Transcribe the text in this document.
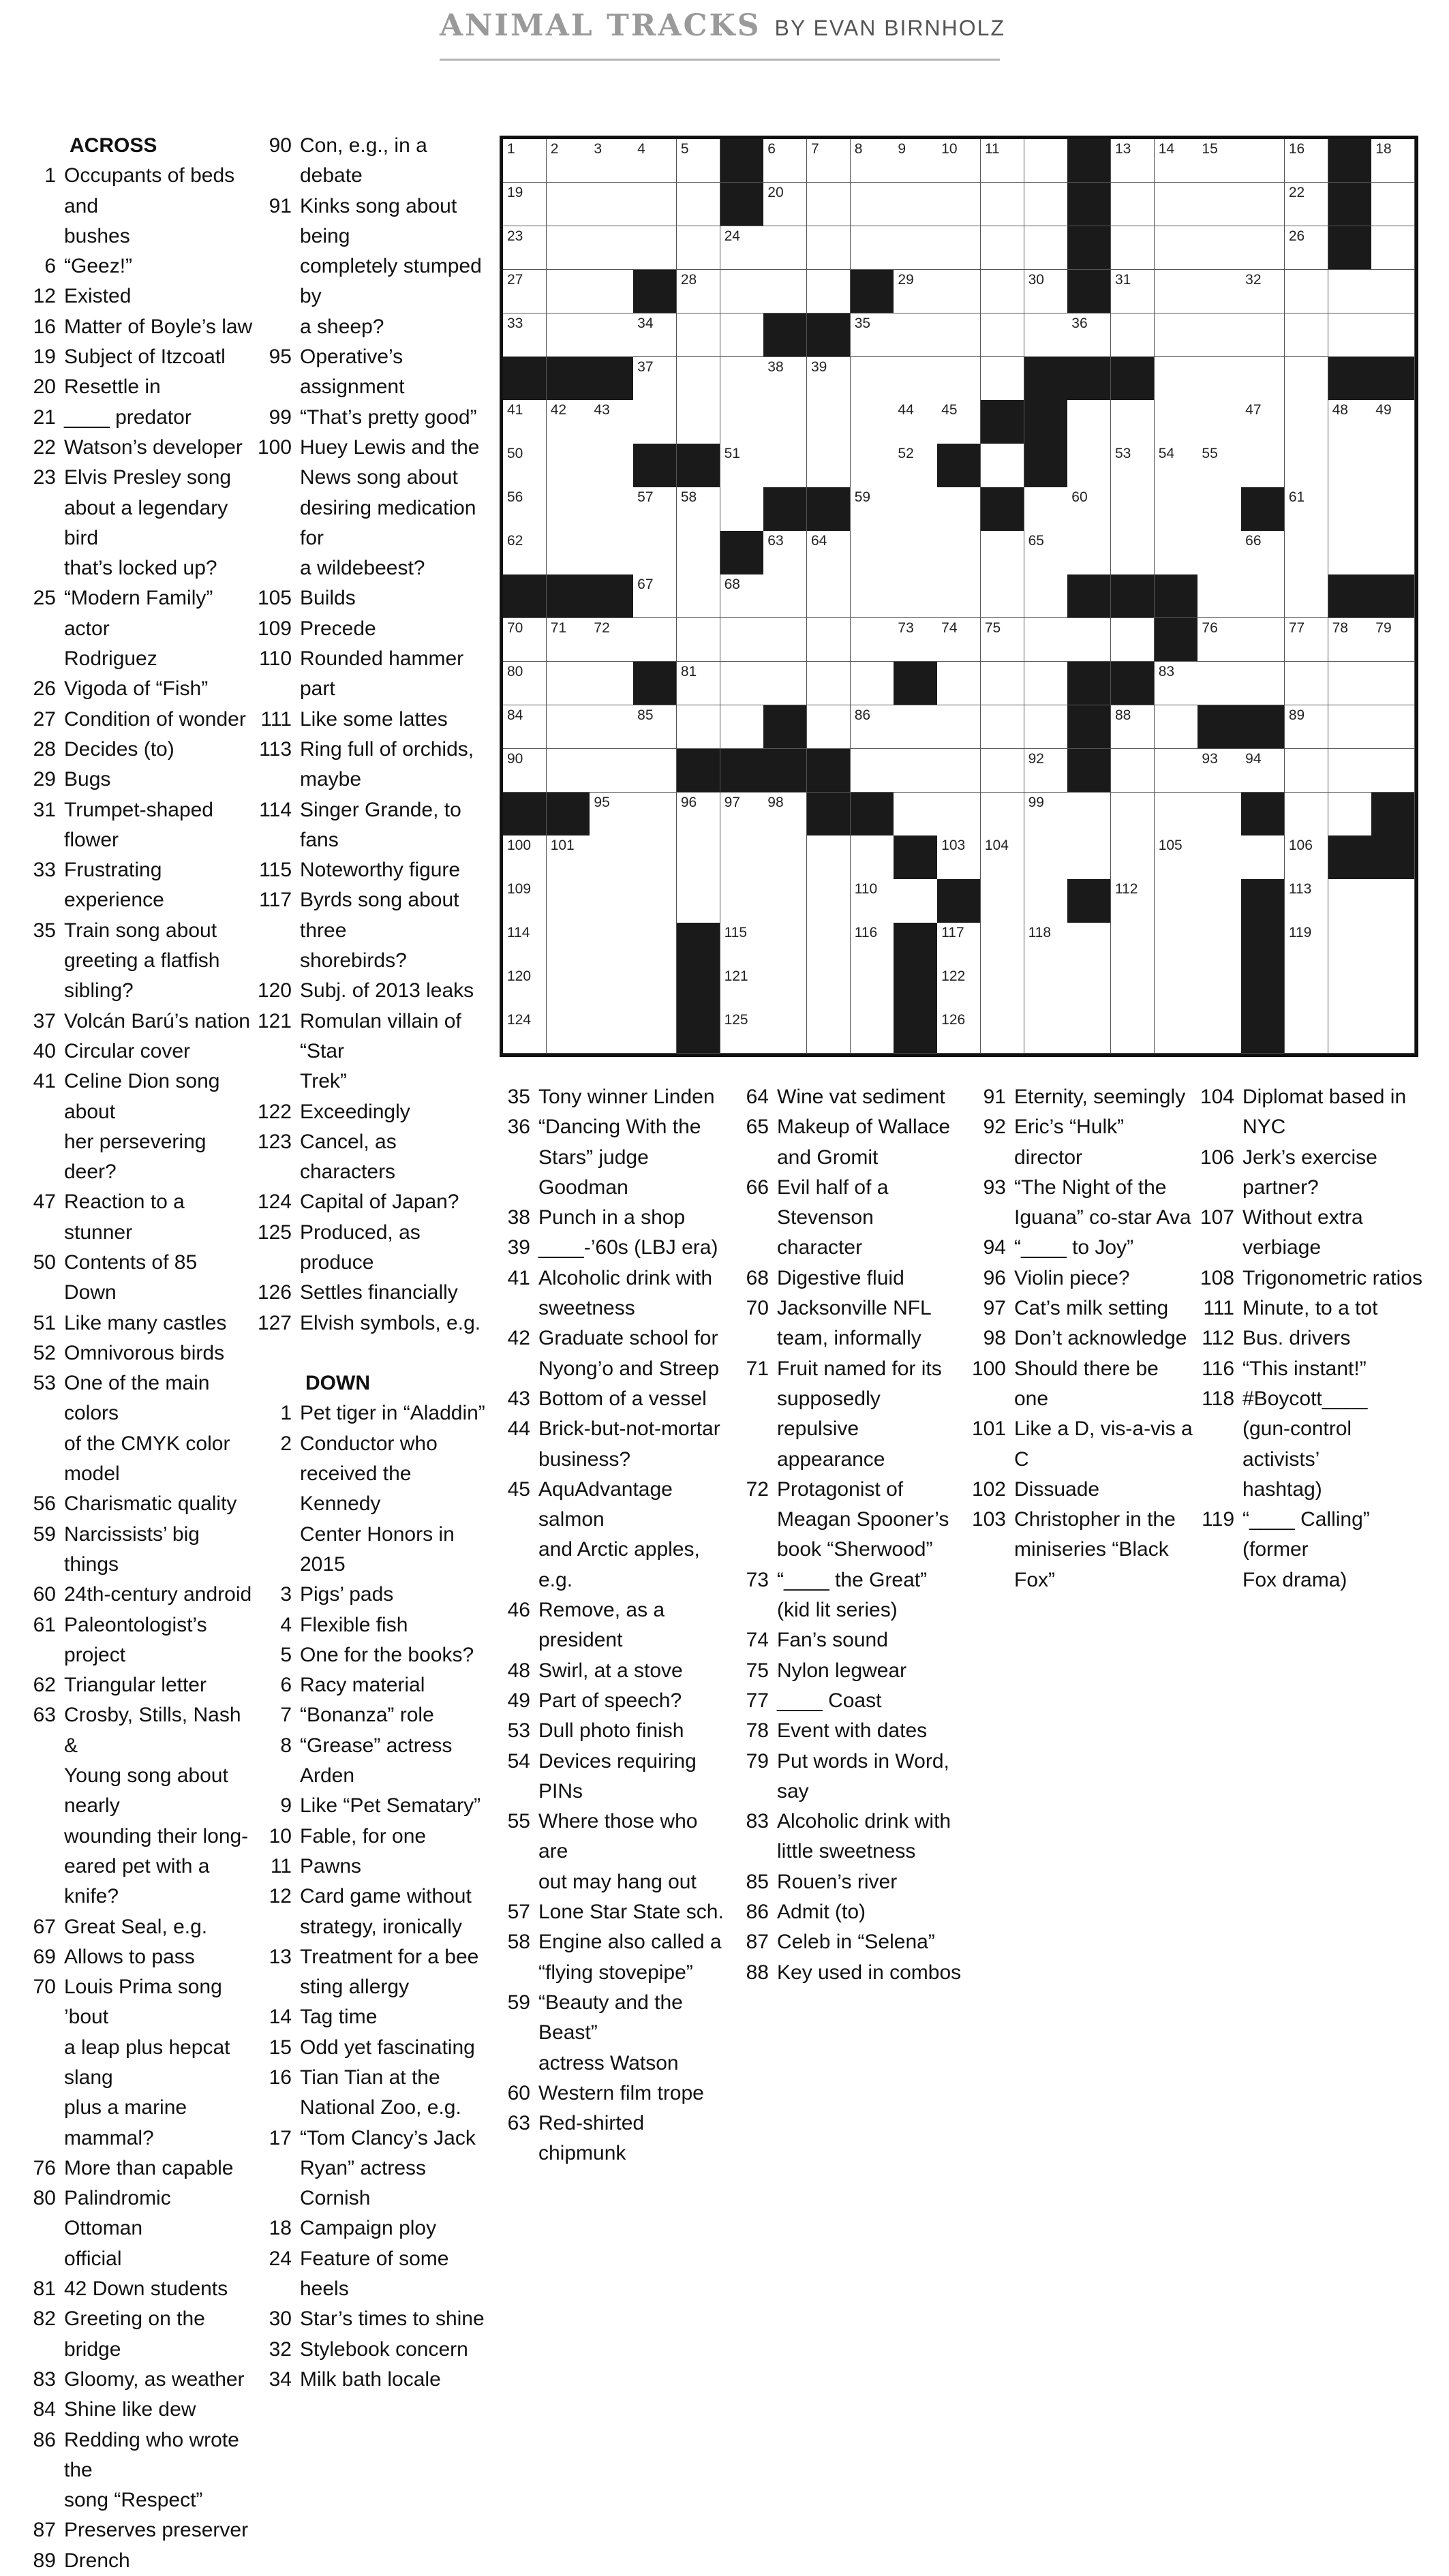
ANIMAL TRACKS BY EVAN BIRNHOLZ
ACROSS
1 Occupants of beds and
bushes
6 “Geez!”
12 Existed
16 Matter of Boyle’s law
19 Subject of Itzcoatl
20 Resettle in
21 ____ predator
22 Watson’s developer
23 Elvis Presley song
about a legendary bird
that’s locked up?
25 “Modern Family” actor
Rodriguez
26 Vigoda of “Fish”
27 Condition of wonder
28 Decides (to)
29 Bugs
31 Trumpet-shaped flower
33 Frustrating experience
35 Train song about
greeting a flatfish
sibling?
37 Volcán Barú’s nation
40 Circular cover
41 Celine Dion song about
her persevering deer?
47 Reaction to a stunner
50 Contents of 85 Down
51 Like many castles
52 Omnivorous birds
53 One of the main colors
of the CMYK color model
56 Charismatic quality
59 Narcissists’ big things
60 24th-century android
61 Paleontologist’s project
62 Triangular letter
63 Crosby, Stills, Nash &
Young song about nearly
wounding their long-
eared pet with a knife?
67 Great Seal, e.g.
69 Allows to pass
70 Louis Prima song ’bout
a leap plus hepcat slang
plus a marine mammal?
76 More than capable
80 Palindromic Ottoman
official
81 42 Down students
82 Greeting on the bridge
83 Gloomy, as weather
84 Shine like dew
86 Redding who wrote the
song “Respect”
87 Preserves preserver
89 Drench
90 Con, e.g., in a debate
91 Kinks song about being
completely stumped by
a sheep?
95 Operative’s assignment
99 “That’s pretty good”
100 Huey Lewis and the
News song about
desiring medication for
a wildebeest?
105 Builds
109 Precede
110 Rounded hammer part
111 Like some lattes
113 Ring full of orchids,
maybe
114 Singer Grande, to fans
115 Noteworthy figure
117 Byrds song about three
shorebirds?
120 Subj. of 2013 leaks
121 Romulan villain of “Star
Trek”
122 Exceedingly
123 Cancel, as characters
124 Capital of Japan?
125 Produced, as produce
126 Settles financially
127 Elvish symbols, e.g.

DOWN
1 Pet tiger in “Aladdin”
2 Conductor who
received the Kennedy
Center Honors in 2015
3 Pigs’ pads
4 Flexible fish
5 One for the books?
6 Racy material
7 “Bonanza” role
8 “Grease” actress Arden
9 Like “Pet Sematary”
10 Fable, for one
11 Pawns
12 Card game without
strategy, ironically
13 Treatment for a bee
sting allergy
14 Tag time
15 Odd yet fascinating
16 Tian Tian at the
National Zoo, e.g.
17 “Tom Clancy’s Jack
Ryan” actress Cornish
18 Campaign ploy
24 Feature of some heels
30 Star’s times to shine
32 Stylebook concern
34 Milk bath locale
35 Tony winner Linden
36 “Dancing With the
Stars” judge Goodman
38 Punch in a shop
39 ____-’60s (LBJ era)
41 Alcoholic drink with
sweetness
42 Graduate school for
Nyong’o and Streep
43 Bottom of a vessel
44 Brick-but-not-mortar
business?
45 AquAdvantage salmon
and Arctic apples, e.g.
46 Remove, as a president
48 Swirl, at a stove
49 Part of speech?
53 Dull photo finish
54 Devices requiring PINs
55 Where those who are
out may hang out
57 Lone Star State sch.
58 Engine also called a
“flying stovepipe”
59 “Beauty and the Beast”
actress Watson
60 Western film trope
63 Red-shirted chipmunk
64 Wine vat sediment
65 Makeup of Wallace
and Gromit
66 Evil half of a Stevenson
character
68 Digestive fluid
70 Jacksonville NFL
team, informally
71 Fruit named for its
supposedly repulsive
appearance
72 Protagonist of
Meagan Spooner’s
book “Sherwood”
73 “____ the Great”
(kid lit series)
74 Fan’s sound
75 Nylon legwear
77 ____ Coast
78 Event with dates
79 Put words in Word,
say
83 Alcoholic drink with
little sweetness
85 Rouen’s river
86 Admit (to)
87 Celeb in “Selena”
88 Key used in combos
91 Eternity, seemingly
92 Eric’s “Hulk” director
93 “The Night of the
Iguana” co-star Ava
94 “____ to Joy”
96 Violin piece?
97 Cat’s milk setting
98 Don’t acknowledge
100 Should there be one
101 Like a D, vis-a-vis a C
102 Dissuade
103 Christopher in the
miniseries “Black Fox”
104 Diplomat based in NYC
106 Jerk’s exercise
partner?
107 Without extra verbiage
108 Trigonometric ratios
111 Minute, to a tot
112 Bus. drivers
116 “This instant!”
118 #Boycott____
(gun-control activists’
hashtag)
119 “____ Calling” (former
Fox drama)
1 2 3 4 5	6 7 8 9 10 11	13 14 15	16	18
19	20	22
23	24	26
27	28	29	30	31	32
33	34	35	36
37	38 39
41 42 43	44 45	47	48 49
50	51	52	53 54 55
56	57 58	59	60	61
62	63 64	65	66
67	68
70 71 72	73 74 75	76	77 78 79
80	81	83
84	85	86	88	89
90	92	93 94
95	96 97 98	99
100 101	103 104	105	106
109	110	112	113
114	115	116	117	118	119
120	121	122
124	125	126
